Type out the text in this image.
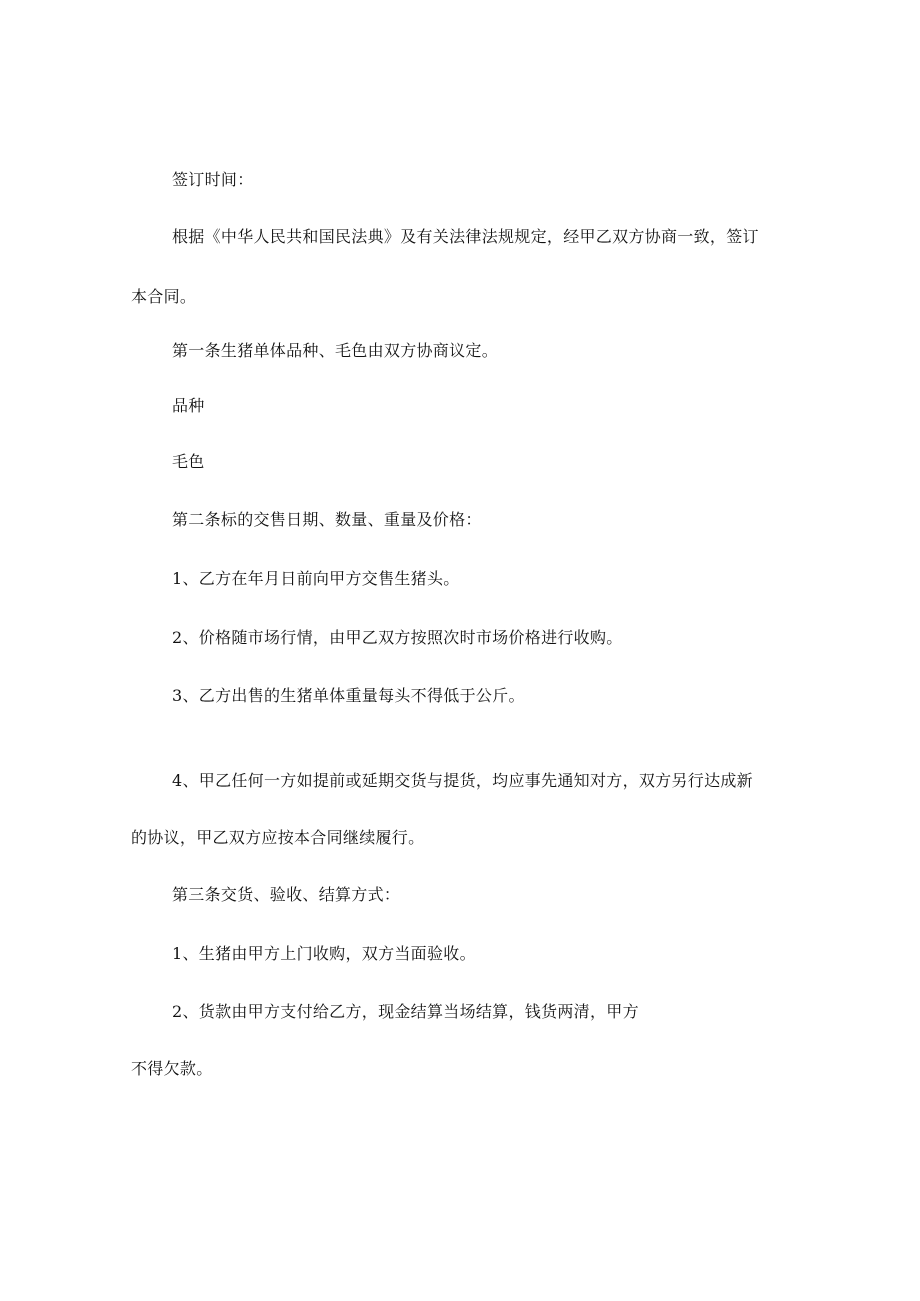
签订时间：
根据《中华人民共和国民法典》及有关法律法规规定，经甲乙双方协商一致，签订
本合同。
第一条生猪单体品种、毛色由双方协商议定。
品种
毛色
第二条标的交售日期、数量、重量及价格：
1、乙方在年月日前向甲方交售生猪头。
2、价格随市场行情，由甲乙双方按照次时市场价格进行收购。
3、乙方出售的生猪单体重量每头不得低于公斤。
4、甲乙任何一方如提前或延期交货与提货，均应事先通知对方，双方另行达成新
的协议，甲乙双方应按本合同继续履行。
第三条交货、验收、结算方式：
1、生猪由甲方上门收购，双方当面验收。
2、货款由甲方支付给乙方，现金结算当场结算，钱货两清，甲方
不得欠款。
